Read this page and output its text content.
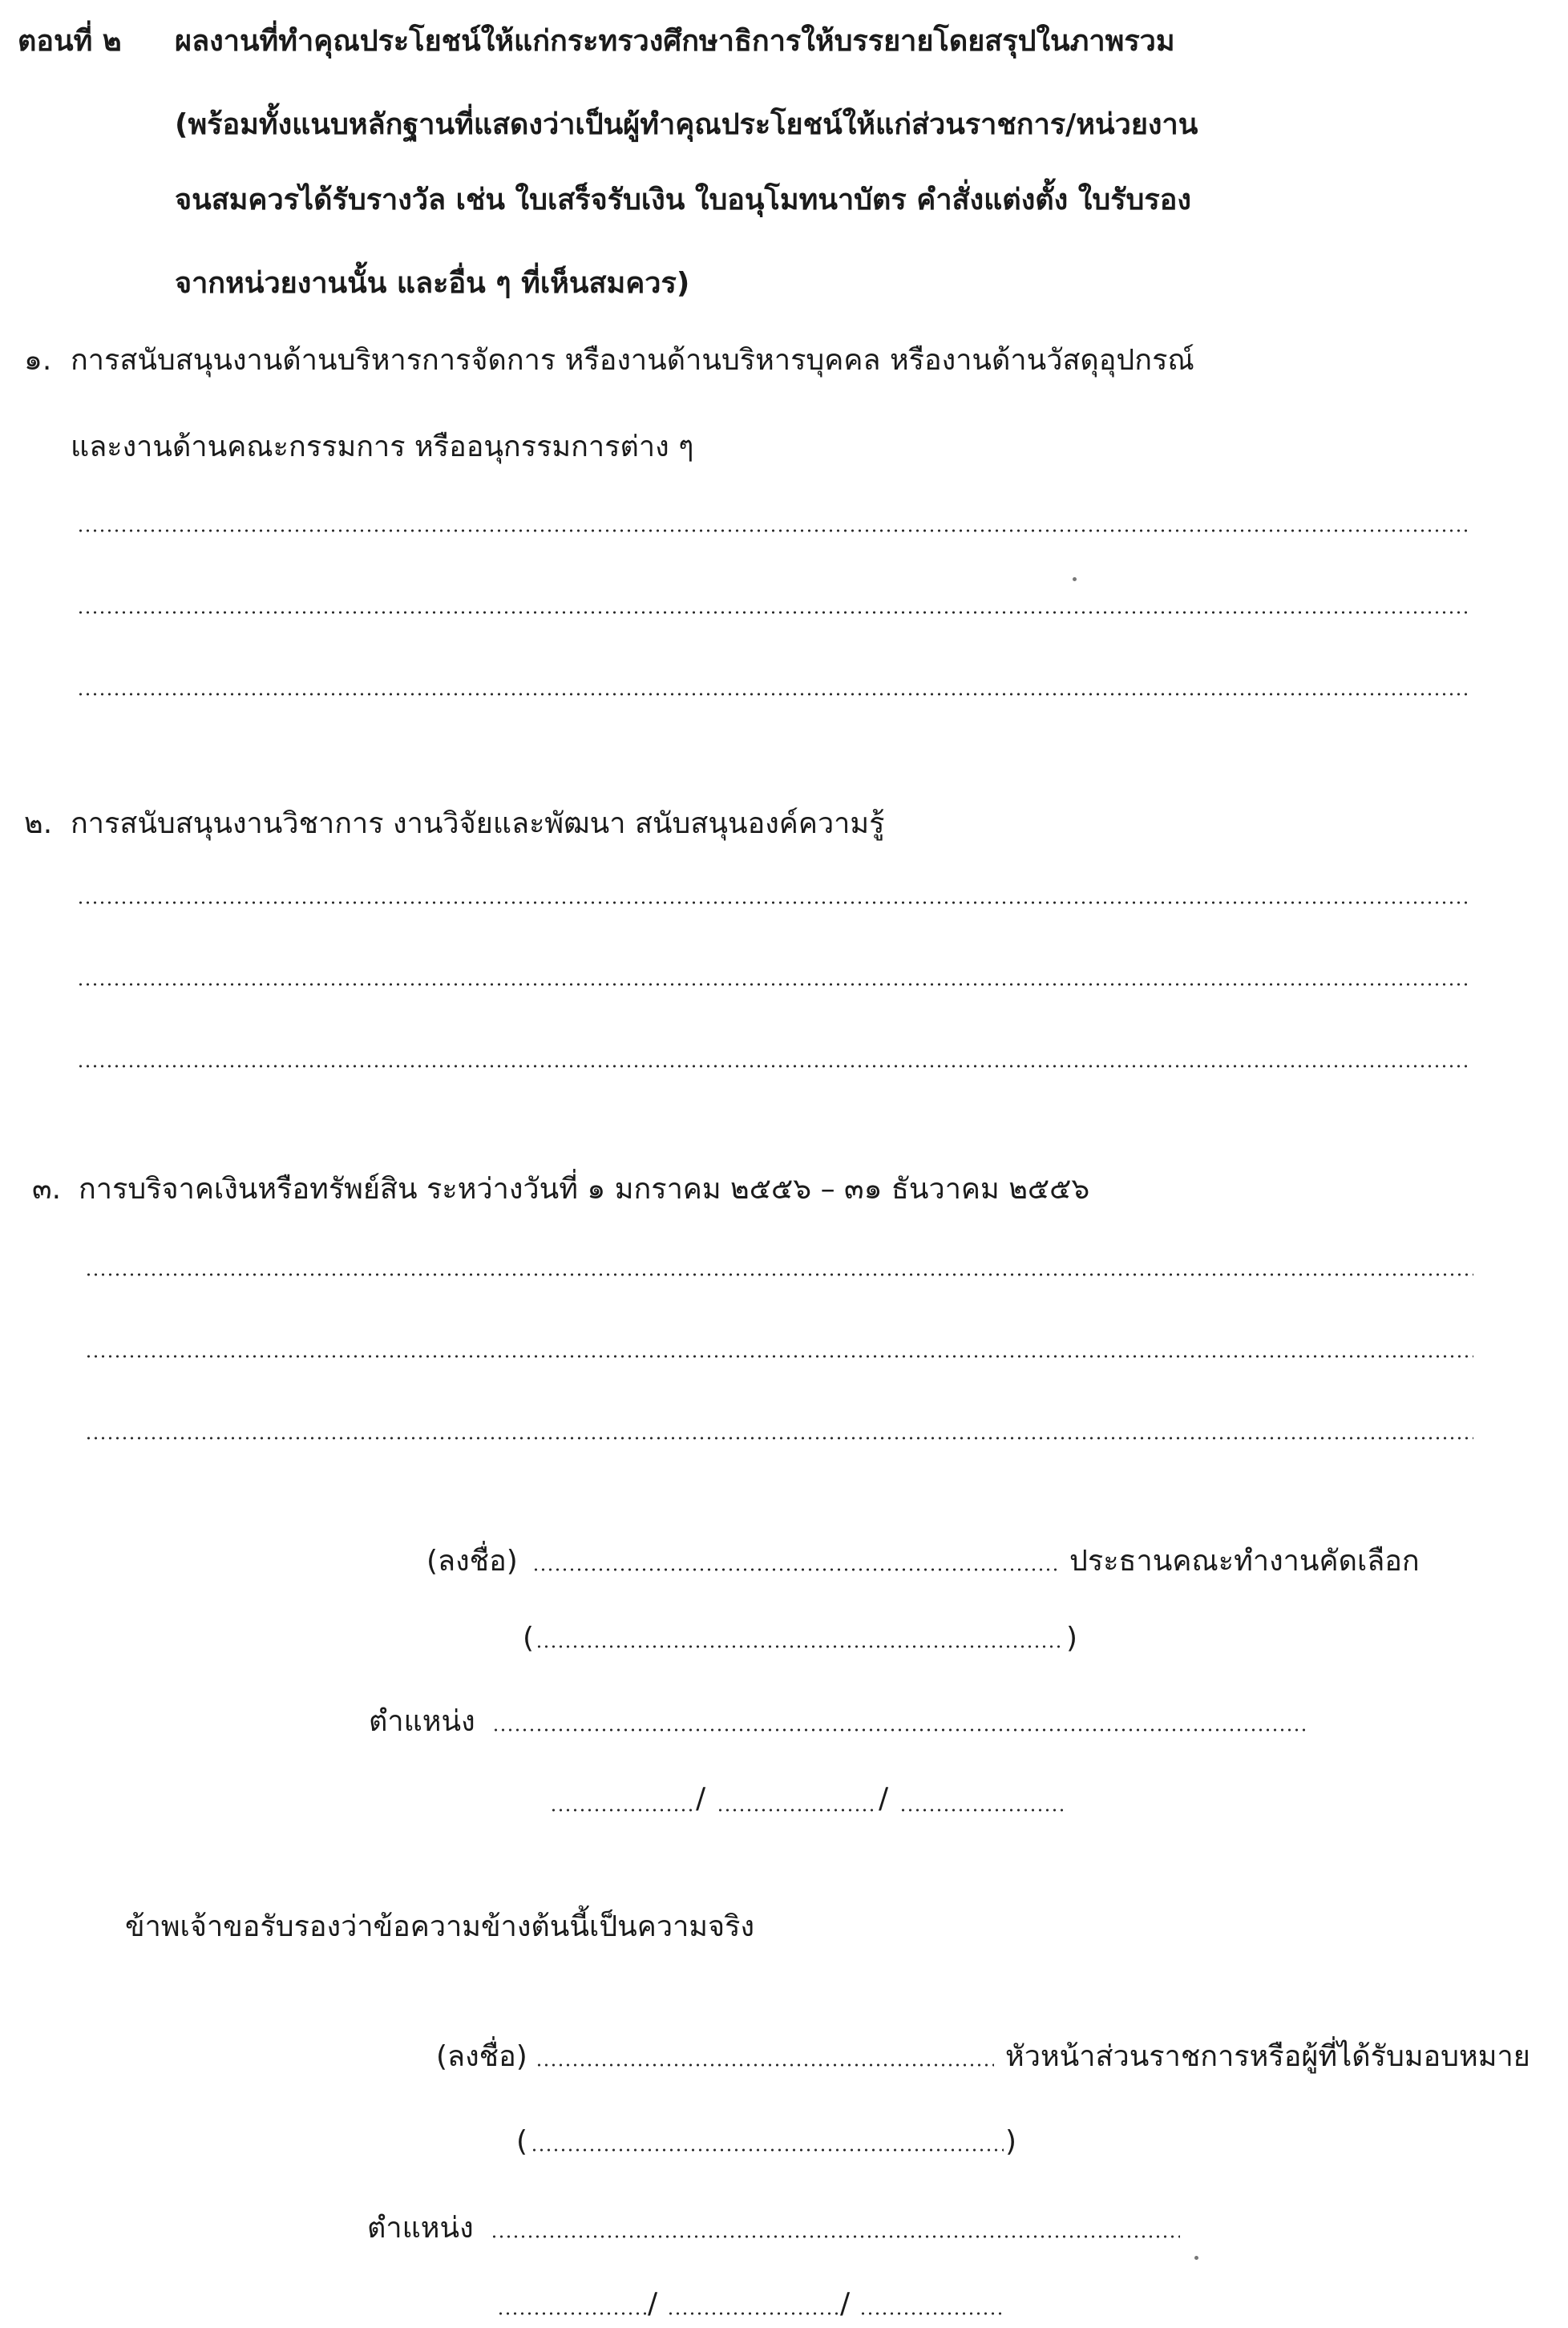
ตอนที่ ๒ ผลงานที่ทำคุณประโยชน์ให้แก่กระทรวงศึกษาธิการให้บรรยายโดยสรุปในภาพรวม
(พร้อมทั้งแนบหลักฐานที่แสดงว่าเป็นผู้ทำคุณประโยชน์ให้แก่ส่วนราชการ/หน่วยงาน
จนสมควรได้รับรางวัล เช่น ใบเสร็จรับเงิน ใบอนุโมทนาบัตร คำสั่งแต่งตั้ง ใบรับรอง
จากหน่วยงานนั้น และอื่น ๆ ที่เห็นสมควร)
๑. การสนับสนุนงานด้านบริหารการจัดการ หรืองานด้านบริหารบุคคล หรืองานด้านวัสดุอุปกรณ์
และงานด้านคณะกรรมการ หรืออนุกรรมการต่าง ๆ
๒. การสนับสนุนงานวิชาการ งานวิจัยและพัฒนา สนับสนุนองค์ความรู้
๓. การบริจาคเงินหรือทรัพย์สิน ระหว่างวันที่ ๑ มกราคม ๒๕๕๖ – ๓๑ ธันวาคม ๒๕๕๖
(ลงชื่อ)	ประธานคณะทำงานคัดเลือก
(	)
ตำแหน่ง
/	/
ข้าพเจ้าขอรับรองว่าข้อความข้างต้นนี้เป็นความจริง
(ลงชื่อ)	หัวหน้าส่วนราชการหรือผู้ที่ได้รับมอบหมาย
(	)
ตำแหน่ง
/	/
